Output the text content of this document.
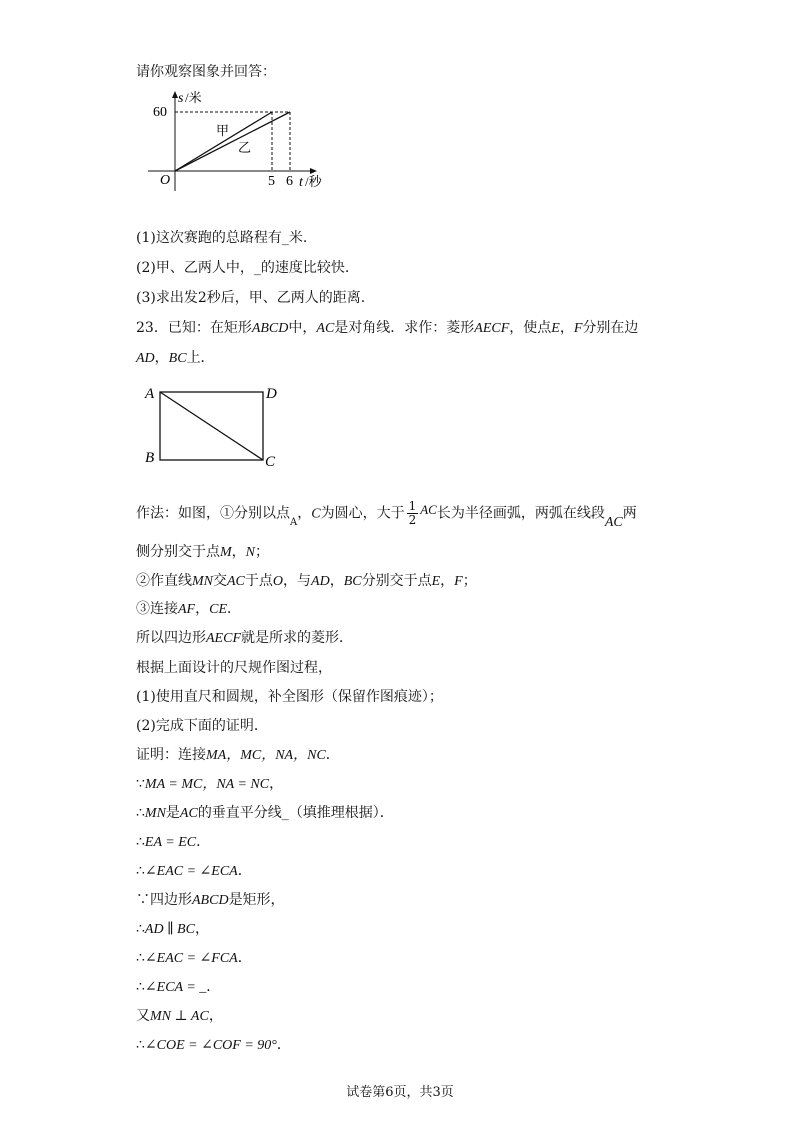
请你观察图象并回答：
s /米
60
O	5 6 t /秒
甲
乙
(1)这次赛跑的总路程有_米.
(2)甲、乙两人中，_的速度比较快.
(3)求出发2秒后，甲、乙两人的距离.
23．已知：在矩形ABCD中，AC是对角线．求作：菱形AECF，使点E，F分别在边
AD，BC上．
A	D
B	C
作法：如图，①分别以点$_A$，C为圆心，大于 $\frac{1}{2}$ AC长为半径画弧，两弧在线段AC两
侧分别交于点M，N；
②作直线MN交AC于点O，与AD，BC分别交于点E，F；
③连接AF，CE．
所以四边形AECF就是所求的菱形．
根据上面设计的尺规作图过程，
(1)使用直尺和圆规，补全图形（保留作图痕迹）；
(2)完成下面的证明．
证明：连接MA，MC，NA，NC．
∵MA = MC，NA = NC，
∴MN是AC的垂直平分线_（填推理根据）．
∴EA = EC．
∴∠EAC = ∠ECA．
∵四边形ABCD是矩形，
∴AD ∥ BC，
∴∠EAC = ∠FCA．
∴∠ECA = _．
又MN ⊥ AC，
∴∠COE = ∠COF = 90°．
试卷第6页，共3页
